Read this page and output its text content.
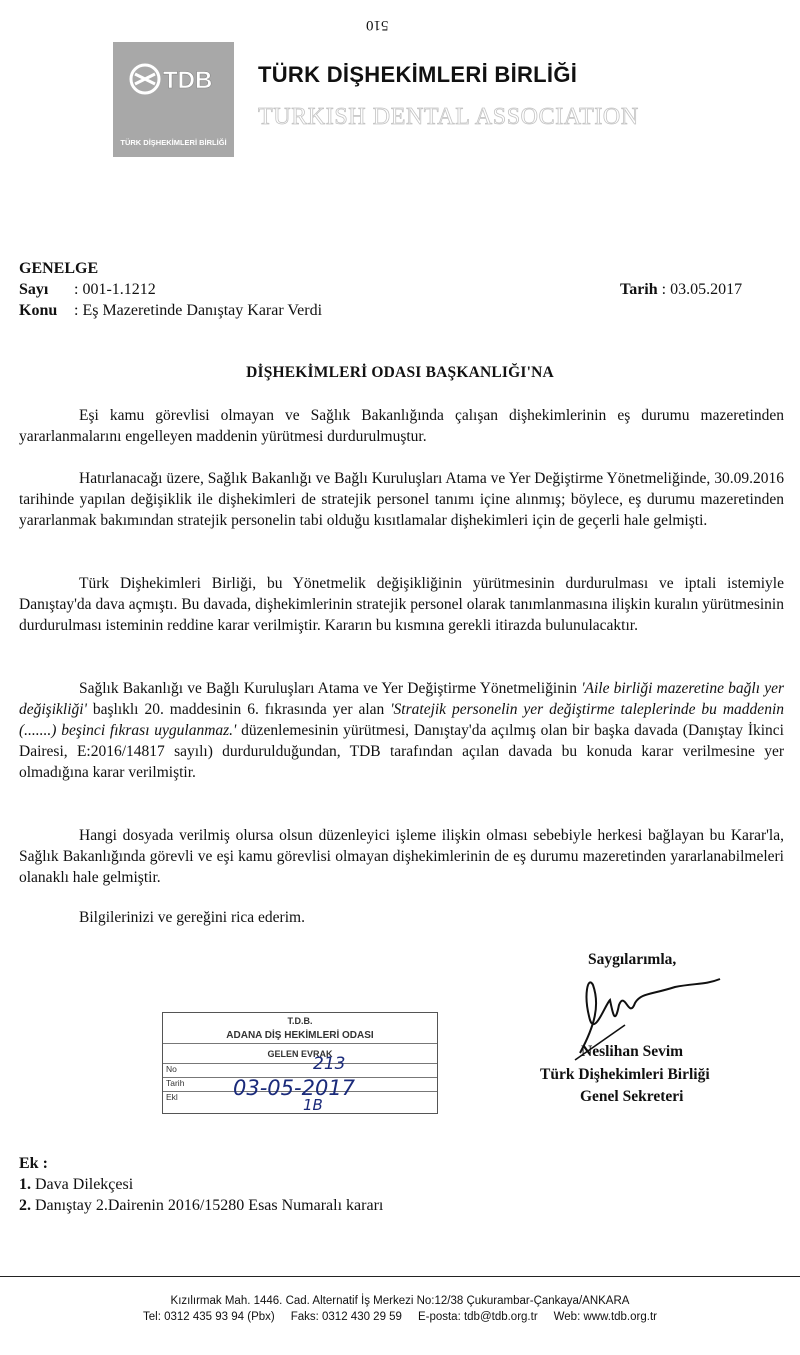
510
TDB
TÜRK DİŞHEKİMLERİ BİRLİĞİ
TÜRK DİŞHEKİMLERİ BİRLİĞİ
TURKISH DENTAL ASSOCIATION
GENELGE
Sayı : 001-1.1212	Tarih : 03.05.2017
Konu : Eş Mazeretinde Danıştay Karar Verdi
DİŞHEKİMLERİ ODASI BAŞKANLIĞI'NA

Eşi kamu görevlisi olmayan ve Sağlık Bakanlığında çalışan dişhekimlerinin eş durumu mazeretinden yararlanmalarını engelleyen maddenin yürütmesi durdurulmuştur.

Hatırlanacağı üzere, Sağlık Bakanlığı ve Bağlı Kuruluşları Atama ve Yer Değiştirme Yönetmeliğinde, 30.09.2016 tarihinde yapılan değişiklik ile dişhekimleri de stratejik personel tanımı içine alınmış; böylece, eş durumu mazeretinden yararlanmak bakımından stratejik personelin tabi olduğu kısıtlamalar dişhekimleri için de geçerli hale gelmişti.

Türk Dişhekimleri Birliği, bu Yönetmelik değişikliğinin yürütmesinin durdurulması ve iptali istemiyle Danıştay'da dava açmıştı. Bu davada, dişhekimlerinin stratejik personel olarak tanımlanmasına ilişkin kuralın yürütmesinin durdurulması isteminin reddine karar verilmiştir. Kararın bu kısmına gerekli itirazda bulunulacaktır.

Sağlık Bakanlığı ve Bağlı Kuruluşları Atama ve Yer Değiştirme Yönetmeliğinin 'Aile birliği mazeretine bağlı yer değişikliği' başlıklı 20. maddesinin 6. fıkrasında yer alan 'Stratejik personelin yer değiştirme taleplerinde bu maddenin (.......) beşinci fıkrası uygulanmaz.' düzenlemesinin yürütmesi, Danıştay'da açılmış olan bir başka davada (Danıştay İkinci Dairesi, E:2016/14817 sayılı) durdurulduğundan, TDB tarafından açılan davada bu konuda karar verilmesine yer olmadığına karar verilmiştir.

Hangi dosyada verilmiş olursa olsun düzenleyici işleme ilişkin olması sebebiyle herkesi bağlayan bu Karar'la, Sağlık Bakanlığında görevli ve eşi kamu görevlisi olmayan dişhekimlerinin de eş durumu mazeretinden yararlanabilmeleri olanaklı hale gelmiştir.

Bilgilerinizi ve gereğini rica ederim.

Saygılarımla,
Neslihan Sevim
Türk Dişhekimleri Birliği
Genel Sekreteri
T.D.B.
ADANA DİŞ HEKİMLERİ ODASI
GELEN EVRAK
No
Tarih
Ekl
213
03-05-2017
1B
Ek :
1. Dava Dilekçesi
2. Danıştay 2.Dairenin 2016/15280 Esas Numaralı kararı
Kızılırmak Mah. 1446. Cad. Alternatif İş Merkezi No:12/38 Çukurambar-Çankaya/ANKARA
Tel: 0312 435 93 94 (Pbx) Faks: 0312 430 29 59 E-posta: tdb@tdb.org.tr Web: www.tdb.org.tr
